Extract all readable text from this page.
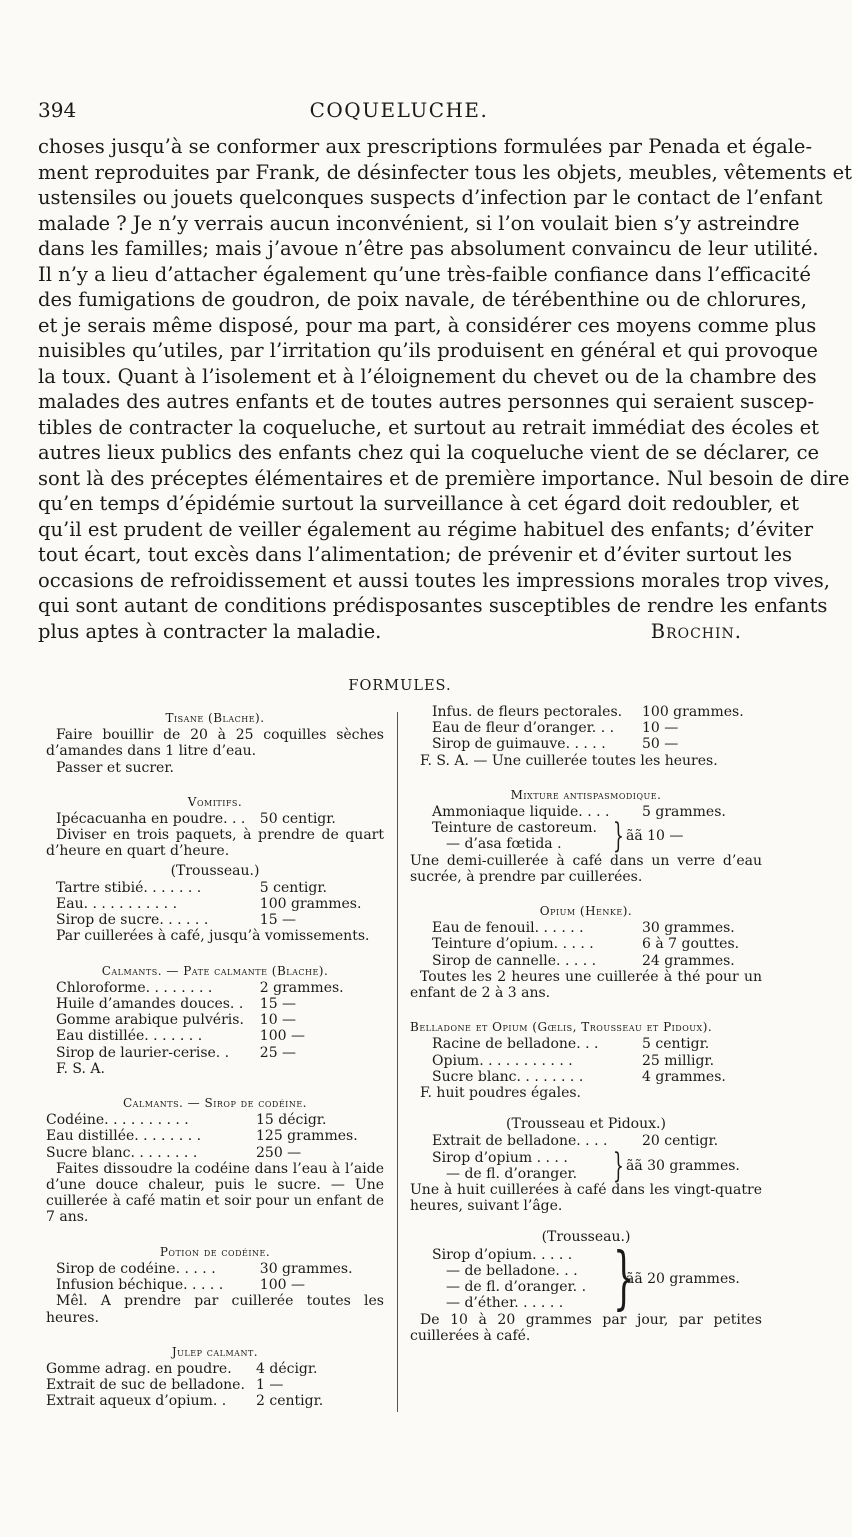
394	COQUELUCHE.
choses jusqu’à se conformer aux prescriptions formulées par Penada et égale-
ment reproduites par Frank, de désinfecter tous les objets, meubles, vêtements et
ustensiles ou jouets quelconques suspects d’infection par le contact de l’enfant
malade ? Je n’y verrais aucun inconvénient, si l’on voulait bien s’y astreindre
dans les familles; mais j’avoue n’être pas absolument convaincu de leur utilité.
Il n’y a lieu d’attacher également qu’une très-faible confiance dans l’efficacité
des fumigations de goudron, de poix navale, de térébenthine ou de chlorures,
et je serais même disposé, pour ma part, à considérer ces moyens comme plus
nuisibles qu’utiles, par l’irritation qu’ils produisent en général et qui provoque
la toux. Quant à l’isolement et à l’éloignement du chevet ou de la chambre des
malades des autres enfants et de toutes autres personnes qui seraient suscep-
tibles de contracter la coqueluche, et surtout au retrait immédiat des écoles et
autres lieux publics des enfants chez qui la coqueluche vient de se déclarer, ce
sont là des préceptes élémentaires et de première importance. Nul besoin de dire
qu’en temps d’épidémie surtout la surveillance à cet égard doit redoubler, et
qu’il est prudent de veiller également au régime habituel des enfants; d’éviter
tout écart, tout excès dans l’alimentation; de prévenir et d’éviter surtout les
occasions de refroidissement et aussi toutes les impressions morales trop vives,
qui sont autant de conditions prédisposantes susceptibles de rendre les enfants
plus aptes à contracter la maladie.	Brochin.
FORMULES.
Tisane (Blache).
Faire bouillir de 20 à 25 coquilles sèches d’amandes dans 1 litre d’eau.
Passer et sucrer.
Vomitifs.
Ipécacuanha en poudre. . .	50 centigr.
Diviser en trois paquets, à prendre de quart d’heure en quart d’heure.
(Trousseau.)
Tartre stibié. . . . . . .	5 centigr.
Eau. . . . . . . . . . .	100 grammes.
Sirop de sucre. . . . . .	15 —
Par cuillerées à café, jusqu’à vomissements.
Calmants. — Pate calmante (Blache).
Chloroforme. . . . . . . .	2 grammes.
Huile d’amandes douces. .	15 —
Gomme arabique pulvéris.	10 —
Eau distillée. . . . . . .	100 —
Sirop de laurier-cerise. .	25 —
F. S. A.
Calmants. — Sirop de codéine.
Codéine. . . . . . . . . .	15 décigr.
Eau distillée. . . . . . . .	125 grammes.
Sucre blanc. . . . . . . .	250 —
Faites dissoudre la codéine dans l’eau à l’aide d’une douce chaleur, puis le sucre. — Une cuillerée à café matin et soir pour un enfant de 7 ans.
Potion de codéine.
Sirop de codéine. . . . .	30 grammes.
Infusion béchique. . . . .	100 —
Mêl. A prendre par cuillerée toutes les heures.
Julep calmant.
Gomme adrag. en poudre.	4 décigr.
Extrait de suc de belladone. 1 —
Extrait aqueux d’opium. .	2 centigr.
Infus. de fleurs pectorales.	100 grammes.
Eau de fleur d’oranger. . .	10 —
Sirop de guimauve. . . . .	50 —
F. S. A. — Une cuillerée toutes les heures.
Mixture antispasmodique.
Ammoniaque liquide. . . .	5 grammes.
Teinture de castoreum.
— d’asa fœtida .	} ãã 10 —
Une demi-cuillerée à café dans un verre d’eau sucrée, à prendre par cuillerées.
Opium (Henke).
Eau de fenouil. . . . . .	30 grammes.
Teinture d’opium. . . . .	6 à 7 gouttes.
Sirop de cannelle. . . . .	24 grammes.
Toutes les 2 heures une cuillerée à thé pour un enfant de 2 à 3 ans.
Belladone et Opium (Gœlis, Trousseau et Pidoux).
Racine de belladone. . .	5 centigr.
Opium. . . . . . . . . . .	25 milligr.
Sucre blanc. . . . . . . .	4 grammes.
F. huit poudres égales.
(Trousseau et Pidoux.)
Extrait de belladone. . . .	20 centigr.
Sirop d’opium . . . .
— de fl. d’oranger.	} ãã 30 grammes.
Une à huit cuillerées à café dans les vingt-quatre heures, suivant l’âge.
(Trousseau.)
Sirop d’opium. . . . .
— de belladone. . .
— de fl. d’oranger. .
— d’éther. . . . . . }
ãã 20 grammes.
De 10 à 20 grammes par jour, par petites cuillerées à café.
